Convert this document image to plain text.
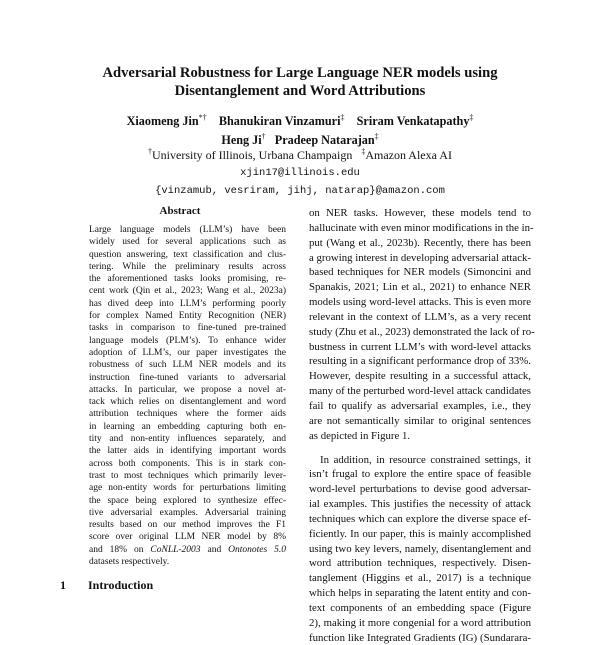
Adversarial Robustness for Large Language NER models using
Disentanglement and Word Attributions
Xiaomeng Jin*† Bhanukiran Vinzamuri‡ Sriram Venkatapathy‡
Heng Ji† Pradeep Natarajan‡
†University of Illinois, Urbana Champaign ‡Amazon Alexa AI
xjin17@illinois.edu
{vinzamub, vesriram, jihj, natarap}@amazon.com
Abstract
Large language models (LLM’s) have been
widely used for several applications such as
question answering, text classification and clus-
tering. While the preliminary results across
the aforementioned tasks looks promising, re-
cent work (Qin et al., 2023; Wang et al., 2023a)
has dived deep into LLM’s performing poorly
for complex Named Entity Recognition (NER)
tasks in comparison to fine-tuned pre-trained
language models (PLM’s). To enhance wider
adoption of LLM’s, our paper investigates the
robustness of such LLM NER models and its
instruction fine-tuned variants to adversarial
attacks. In particular, we propose a novel at-
tack which relies on disentanglement and word
attribution techniques where the former aids
in learning an embedding capturing both en-
tity and non-entity influences separately, and
the latter aids in identifying important words
across both components. This is in stark con-
trast to most techniques which primarily lever-
age non-entity words for perturbations limiting
the space being explored to synthesize effec-
tive adversarial examples. Adversarial training
results based on our method improves the F1
score over original LLM NER model by 8%
and 18% on CoNLL-2003 and Ontonotes 5.0
datasets respectively.
1 Introduction
on NER tasks. However, these models tend to
hallucinate with even minor modifications in the in-
put (Wang et al., 2023b). Recently, there has been
a growing interest in developing adversarial attack-
based techniques for NER models (Simoncini and
Spanakis, 2021; Lin et al., 2021) to enhance NER
models using word-level attacks. This is even more
relevant in the context of LLM’s, as a very recent
study (Zhu et al., 2023) demonstrated the lack of ro-
bustness in current LLM’s with word-level attacks
resulting in a significant performance drop of 33%.
However, despite resulting in a successful attack,
many of the perturbed word-level attack candidates
fail to qualify as adversarial examples, i.e., they
are not semantically similar to original sentences
as depicted in Figure 1.
In addition, in resource constrained settings, it
isn’t frugal to explore the entire space of feasible
word-level perturbations to devise good adversar-
ial examples. This justifies the necessity of attack
techniques which can explore the diverse space ef-
ficiently. In our paper, this is mainly accomplished
using two key levers, namely, disentanglement and
word attribution techniques, respectively. Disen-
tanglement (Higgins et al., 2017) is a technique
which helps in separating the latent entity and con-
text components of an embedding space (Figure
2), making it more congenial for a word attribution
function like Integrated Gradients (IG) (Sundarara-
